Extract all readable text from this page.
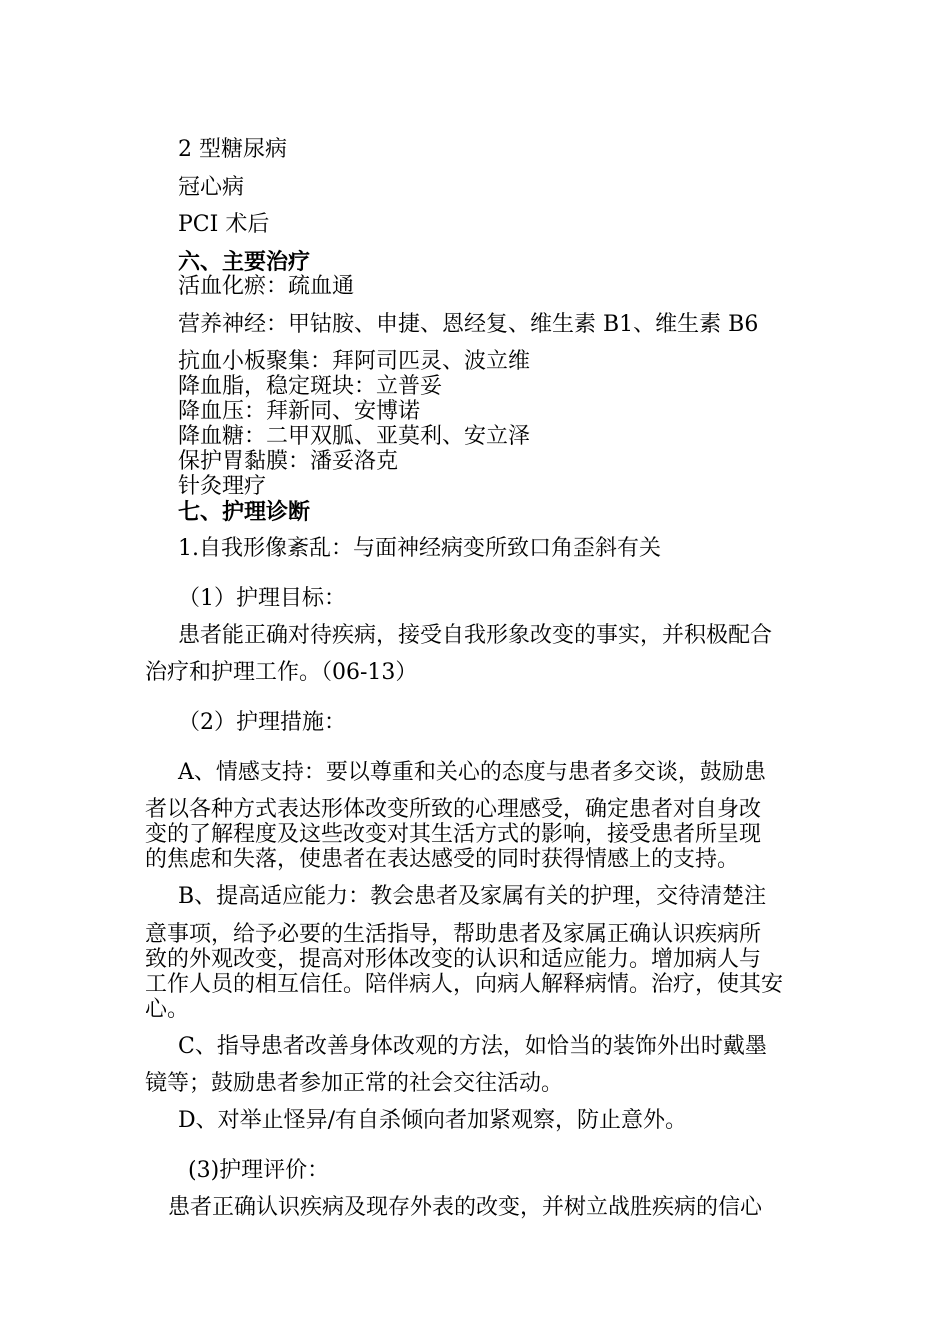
2 型糖尿病

冠心病

PCI 术后

六、主要治疗

活血化瘀：疏血通

营养神经：甲钴胺、申捷、恩经复、维生素 B1、维生素 B6

抗血小板聚集：拜阿司匹灵、波立维

降血脂，稳定斑块：立普妥

降血压：拜新同、安博诺

降血糖：二甲双胍、亚莫利、安立泽

保护胃黏膜：潘妥洛克

针灸理疗

七、护理诊断

1.自我形像紊乱：与面神经病变所致口角歪斜有关

（1）护理目标：

患者能正确对待疾病，接受自我形象改变的事实，并积极配合

治疗和护理工作。（06-13）

（2）护理措施：

A、情感支持：要以尊重和关心的态度与患者多交谈，鼓励患

者以各种方式表达形体改变所致的心理感受，确定患者对自身改

变的了解程度及这些改变对其生活方式的影响，接受患者所呈现

的焦虑和失落，使患者在表达感受的同时获得情感上的支持。

B、提高适应能力：教会患者及家属有关的护理，交待清楚注

意事项，给予必要的生活指导，帮助患者及家属正确认识疾病所

致的外观改变，提高对形体改变的认识和适应能力。增加病人与

工作人员的相互信任。陪伴病人，向病人解释病情。治疗，使其安

心。

C、指导患者改善身体改观的方法，如恰当的装饰外出时戴墨

镜等；鼓励患者参加正常的社会交往活动。

D、对举止怪异/有自杀倾向者加紧观察，防止意外。

(3)护理评价：

患者正确认识疾病及现存外表的改变，并树立战胜疾病的信心
